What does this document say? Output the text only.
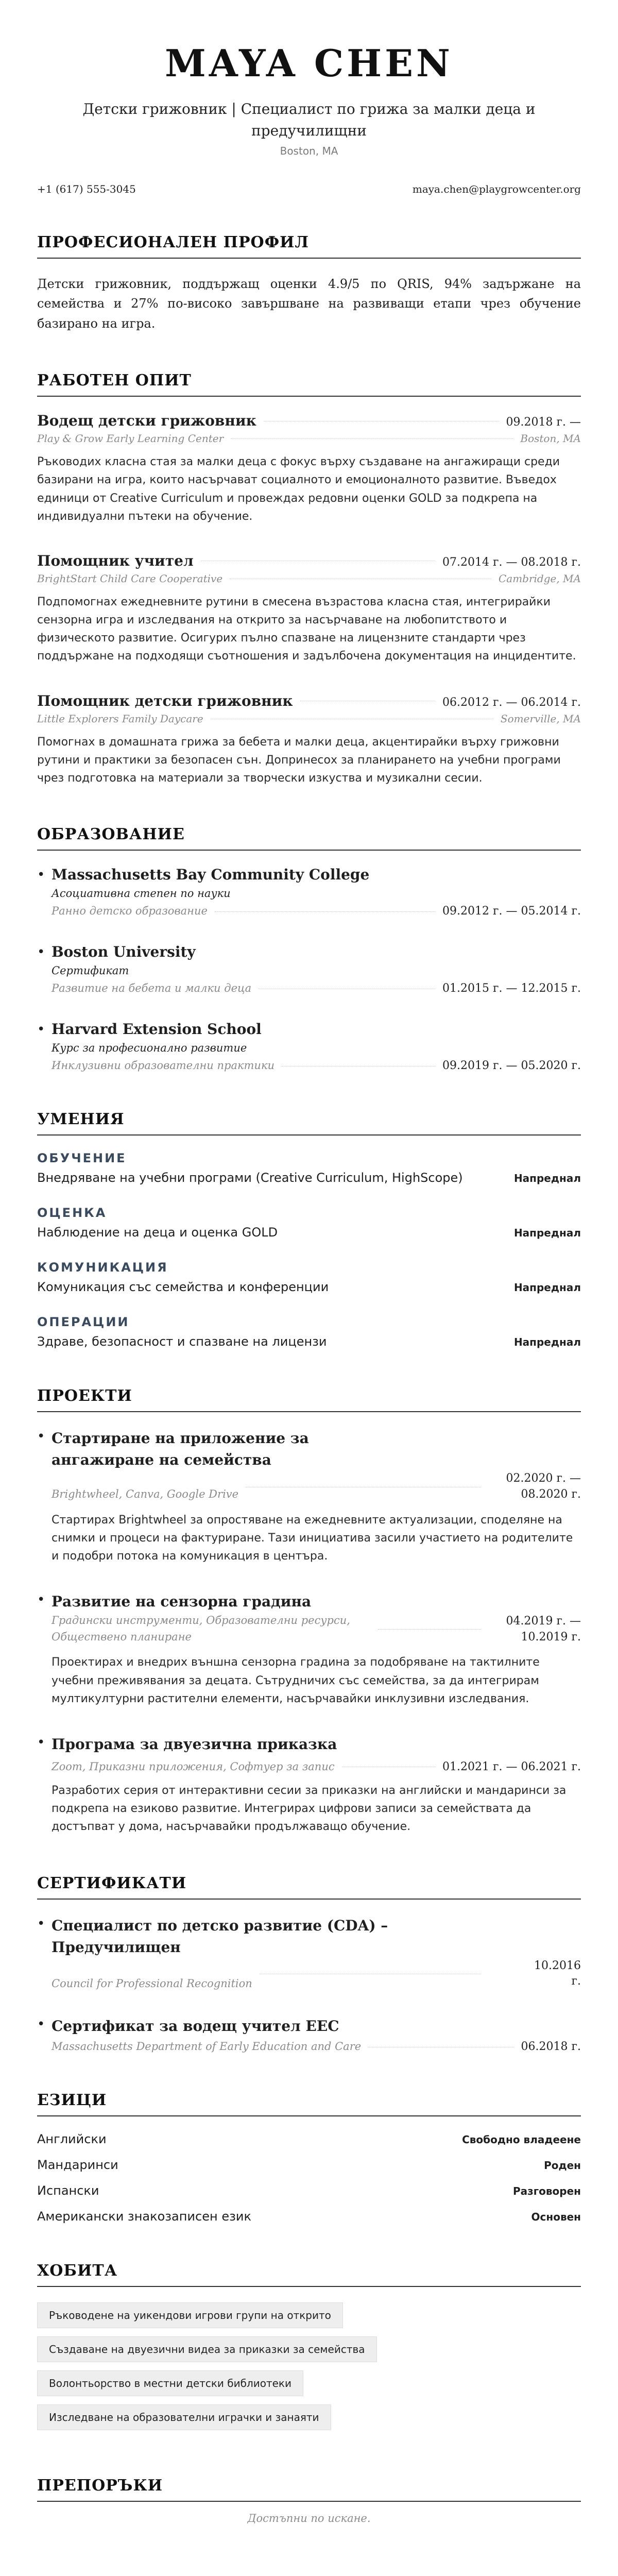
MAYA CHEN
Детски грижовник | Специалист по грижа за малки деца и предучилищни
Boston, MA
+1 (617) 555-3045	maya.chen@playgrowcenter.org
ПРОФЕСИОНАЛЕН ПРОФИЛ

Детски грижовник, поддържащ оценки 4.9/5 по QRIS, 94% задържане на семейства и 27% по-високо завършване на развиващи етапи чрез обучение базирано на игра.

РАБОТЕН ОПИТ
Водещ детски грижовник	09.2018 г. —
Play & Grow Early Learning Center	Boston, MA

Ръководих класна стая за малки деца с фокус върху създаване на ангажиращи среди базирани на игра, които насърчават социалното и емоционалното развитие. Въведох единици от Creative Curriculum и провеждах редовни оценки GOLD за подкрепа на индивидуални пътеки на обучение.

Помощник учител	07.2014 г. — 08.2018 г.
BrightStart Child Care Cooperative	Cambridge, MA

Подпомогнах ежедневните рутини в смесена възрастова класна стая, интегрирайки сензорна игра и изследвания на открито за насърчаване на любопитството и физическото развитие. Осигурих пълно спазване на лицензните стандарти чрез поддържане на подходящи съотношения и задълбочена документация на инцидентите.

Помощник детски грижовник	06.2012 г. — 06.2014 г.
Little Explorers Family Daycare	Somerville, MA

Помогнах в домашната грижа за бебета и малки деца, акцентирайки върху грижовни рутини и практики за безопасен сън. Допринесох за планирането на учебни програми чрез подготовка на материали за творчески изкуства и музикални сесии.

ОБРАЗОВАНИЕ
• Massachusetts Bay Community College
Асоциативна степен по науки
Ранно детско образование	09.2012 г. — 05.2014 г.
• Boston University
Сертификат
Развитие на бебета и малки деца	01.2015 г. — 12.2015 г.
• Harvard Extension School
Курс за професионално развитие
Инклузивни образователни практики	09.2019 г. — 05.2020 г.
УМЕНИЯ
ОБУЧЕНИЕ
Внедряване на учебни програми (Creative Curriculum, HighScope)	Напреднал
ОЦЕНКА
Наблюдение на деца и оценка GOLD	Напреднал
КОМУНИКАЦИЯ
Комуникация със семейства и конференции	Напреднал
ОПЕРАЦИИ
Здраве, безопасност и спазване на лицензи	Напреднал
ПРОЕКТИ
• Стартиране на приложение за ангажиране на семейства
Brightwheel, Canva, Google Drive
02.2020 г. —
08.2020 г.

Стартирах Brightwheel за опростяване на ежедневните актуализации, споделяне на снимки и процеси на фактуриране. Тази инициатива засили участието на родителите и подобри потока на комуникация в центъра.

• Развитие на сензорна градина
Градински инструменти, Образователни ресурси, Обществено планиране
04.2019 г. —
10.2019 г.

Проектирах и внедрих външна сензорна градина за подобряване на тактилните учебни преживявания за децата. Сътрудничих със семейства, за да интегрирам мултикултурни растителни елементи, насърчавайки инклузивни изследвания.

• Програма за двуезична приказка
Zoom, Приказни приложения, Софтуер за запис	01.2021 г. — 06.2021 г.

Разработих серия от интерактивни сесии за приказки на английски и мандаринси за подкрепа на езиково развитие. Интегрирах цифрови записи за семействата да достъпват у дома, насърчавайки продължаващо обучение.

СЕРТИФИКАТИ
• Специалист по детско развитие (CDA) – Предучилищен
Council for Professional Recognition
10.2016
г.
• Сертификат за водещ учител EEC
Massachusetts Department of Early Education and Care	06.2018 г.
ЕЗИЦИ
Английски	Свободно владеене
Мандаринси	Роден
Испански	Разговорен
Американски знакозаписен език	Основен
ХОБИТА
Ръководене на уикендови игрови групи на открито
Създаване на двуезични видеа за приказки за семейства
Волонтьорство в местни детски библиотеки
Изследване на образователни играчки и занаяти
ПРЕПОРЪКИ
Достъпни по искане.
